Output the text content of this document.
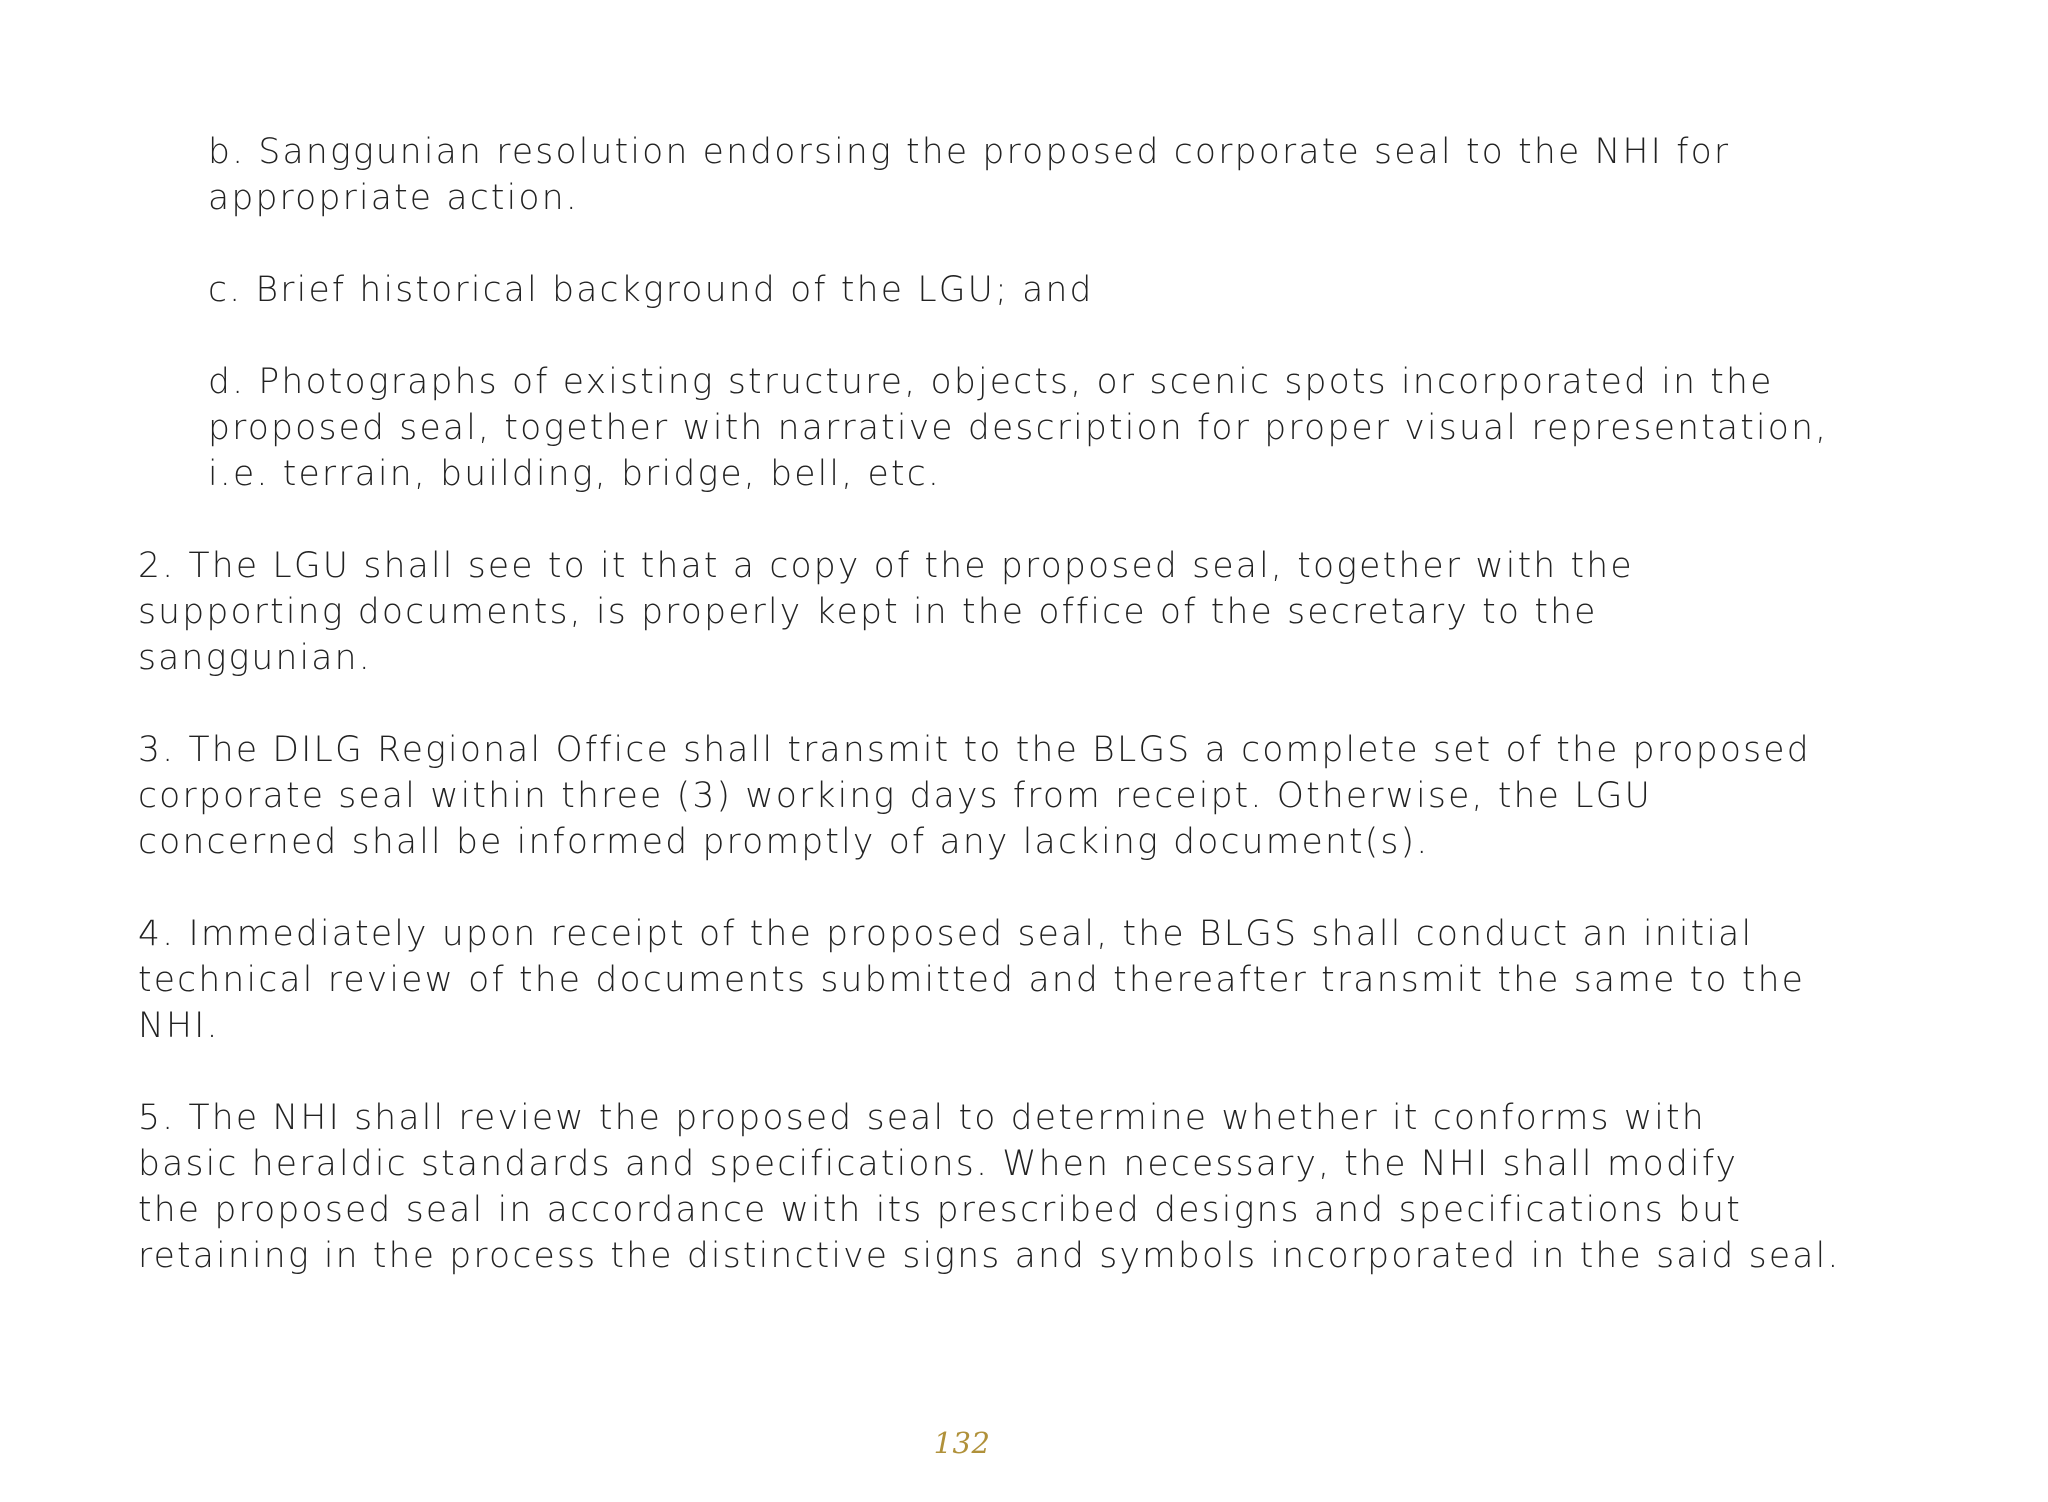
b. Sanggunian resolution endorsing the proposed corporate seal to the NHI for
appropriate action.

c. Brief historical background of the LGU; and

d. Photographs of existing structure, objects, or scenic spots incorporated in the
proposed seal, together with narrative description for proper visual representation,
i.e. terrain, building, bridge, bell, etc.

2. The LGU shall see to it that a copy of the proposed seal, together with the
supporting documents, is properly kept in the office of the secretary to the
sanggunian.

3. The DILG Regional Office shall transmit to the BLGS a complete set of the proposed
corporate seal within three (3) working days from receipt. Otherwise, the LGU
concerned shall be informed promptly of any lacking document(s).

4. Immediately upon receipt of the proposed seal, the BLGS shall conduct an initial
technical review of the documents submitted and thereafter transmit the same to the
NHI.

5. The NHI shall review the proposed seal to determine whether it conforms with
basic heraldic standards and specifications. When necessary, the NHI shall modify
the proposed seal in accordance with its prescribed designs and specifications but
retaining in the process the distinctive signs and symbols incorporated in the said seal.

132
